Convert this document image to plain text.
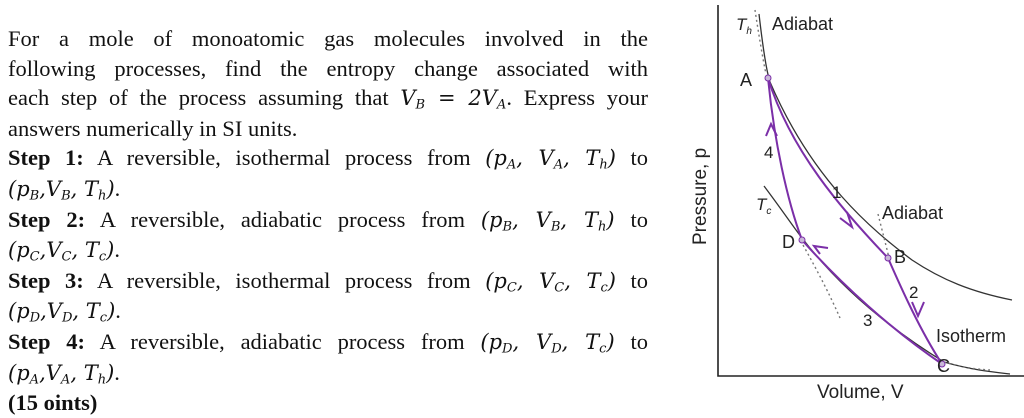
For a mole of monoatomic gas molecules involved in the

following processes, find the entropy change associated with

each step of the process assuming that $V_B = 2V_A$. Express your

answers numerically in SI units.

Step 1: A reversible, isothermal process from ($p_A$, $V_A$, $T_h$) to

($p_B,V_B$, $T_h$).

Step 2: A reversible, adiabatic process from ($p_B$, $V_B$, $T_h$) to

($p_C,V_C$, $T_c$).

Step 3: A reversible, isothermal process from ($p_C$, $V_C$, $T_c$) to

($p_D,V_D$, $T_c$).

Step 4: A reversible, adiabatic process from ($p_D$, $V_D$, $T_c$) to

($p_A,V_A$, $T_h$).

(15 oints)

$T_h$ Adiabat
A
4
1
$T_c$	Adiabat
D
B
2
3
Isotherm
C
Volume, V
Pressure, p
